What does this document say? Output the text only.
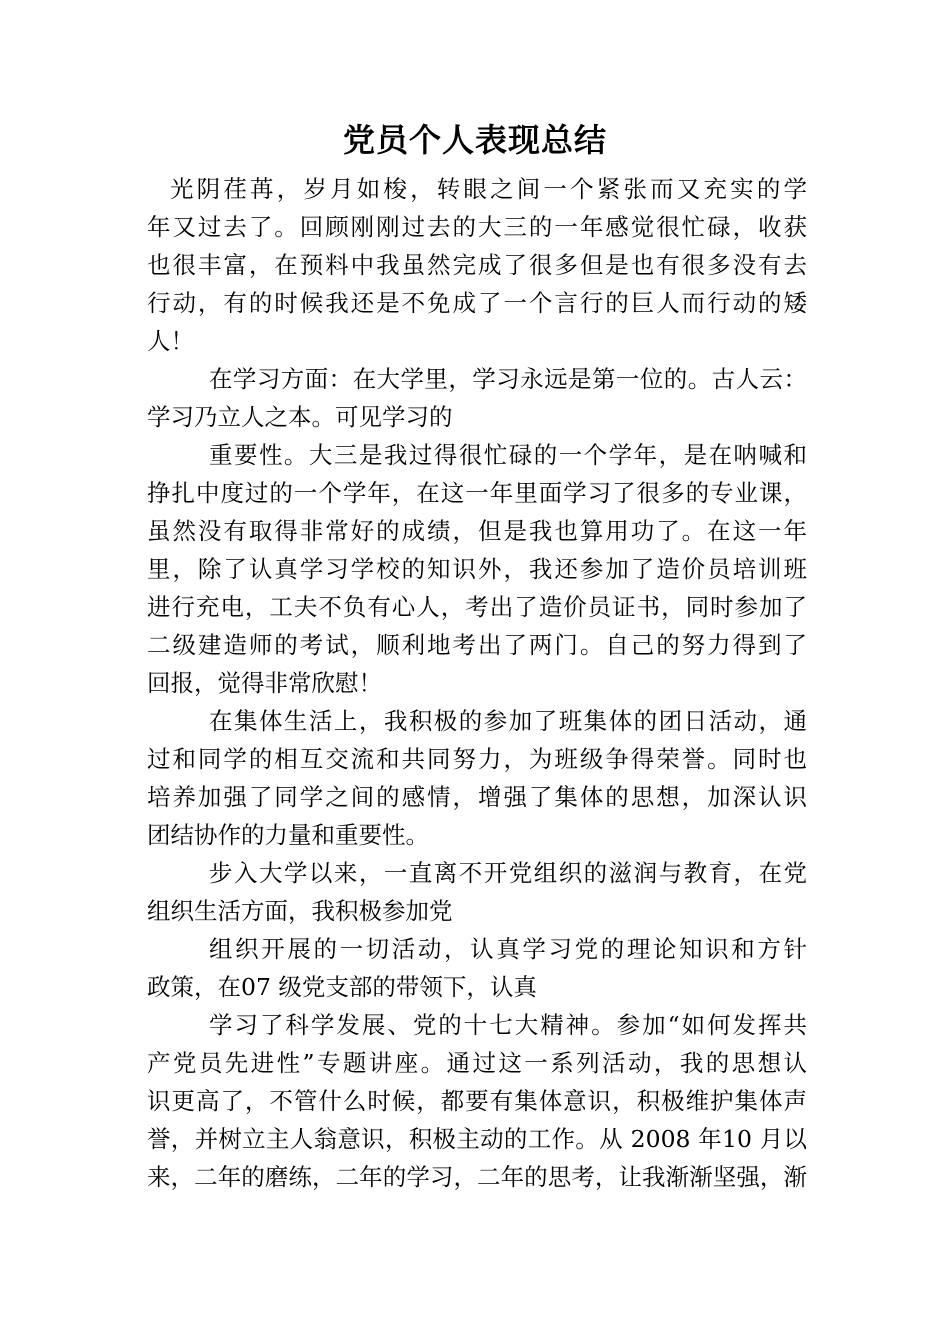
党员个人表现总结
光阴荏苒，岁月如梭，转眼之间一个紧张而又充实的学
年又过去了。回顾刚刚过去的大三的一年感觉很忙碌，收获
也很丰富，在预料中我虽然完成了很多但是也有很多没有去
行动，有的时候我还是不免成了一个言行的巨人而行动的矮
人！
在学习方面：在大学里，学习永远是第一位的。古人云：
学习乃立人之本。可见学习的
重要性。大三是我过得很忙碌的一个学年，是在呐喊和
挣扎中度过的一个学年，在这一年里面学习了很多的专业课，
虽然没有取得非常好的成绩，但是我也算用功了。在这一年
里，除了认真学习学校的知识外，我还参加了造价员培训班
进行充电，工夫不负有心人，考出了造价员证书，同时参加了
二级建造师的考试，顺利地考出了两门。自己的努力得到了
回报，觉得非常欣慰！
在集体生活上，我积极的参加了班集体的团日活动，通
过和同学的相互交流和共同努力，为班级争得荣誉。同时也
培养加强了同学之间的感情，增强了集体的思想，加深认识
团结协作的力量和重要性。
步入大学以来，一直离不开党组织的滋润与教育，在党
组织生活方面，我积极参加党
组织开展的一切活动，认真学习党的理论知识和方针
政策，在07 级党支部的带领下，认真
学习了科学发展、党的十七大精神。参加“如何发挥共
产党员先进性”专题讲座。通过这一系列活动，我的思想认
识更高了，不管什么时候，都要有集体意识，积极维护集体声
誉，并树立主人翁意识，积极主动的工作。从 2008 年10 月以
来，二年的磨练，二年的学习，二年的思考，让我渐渐坚强，渐
